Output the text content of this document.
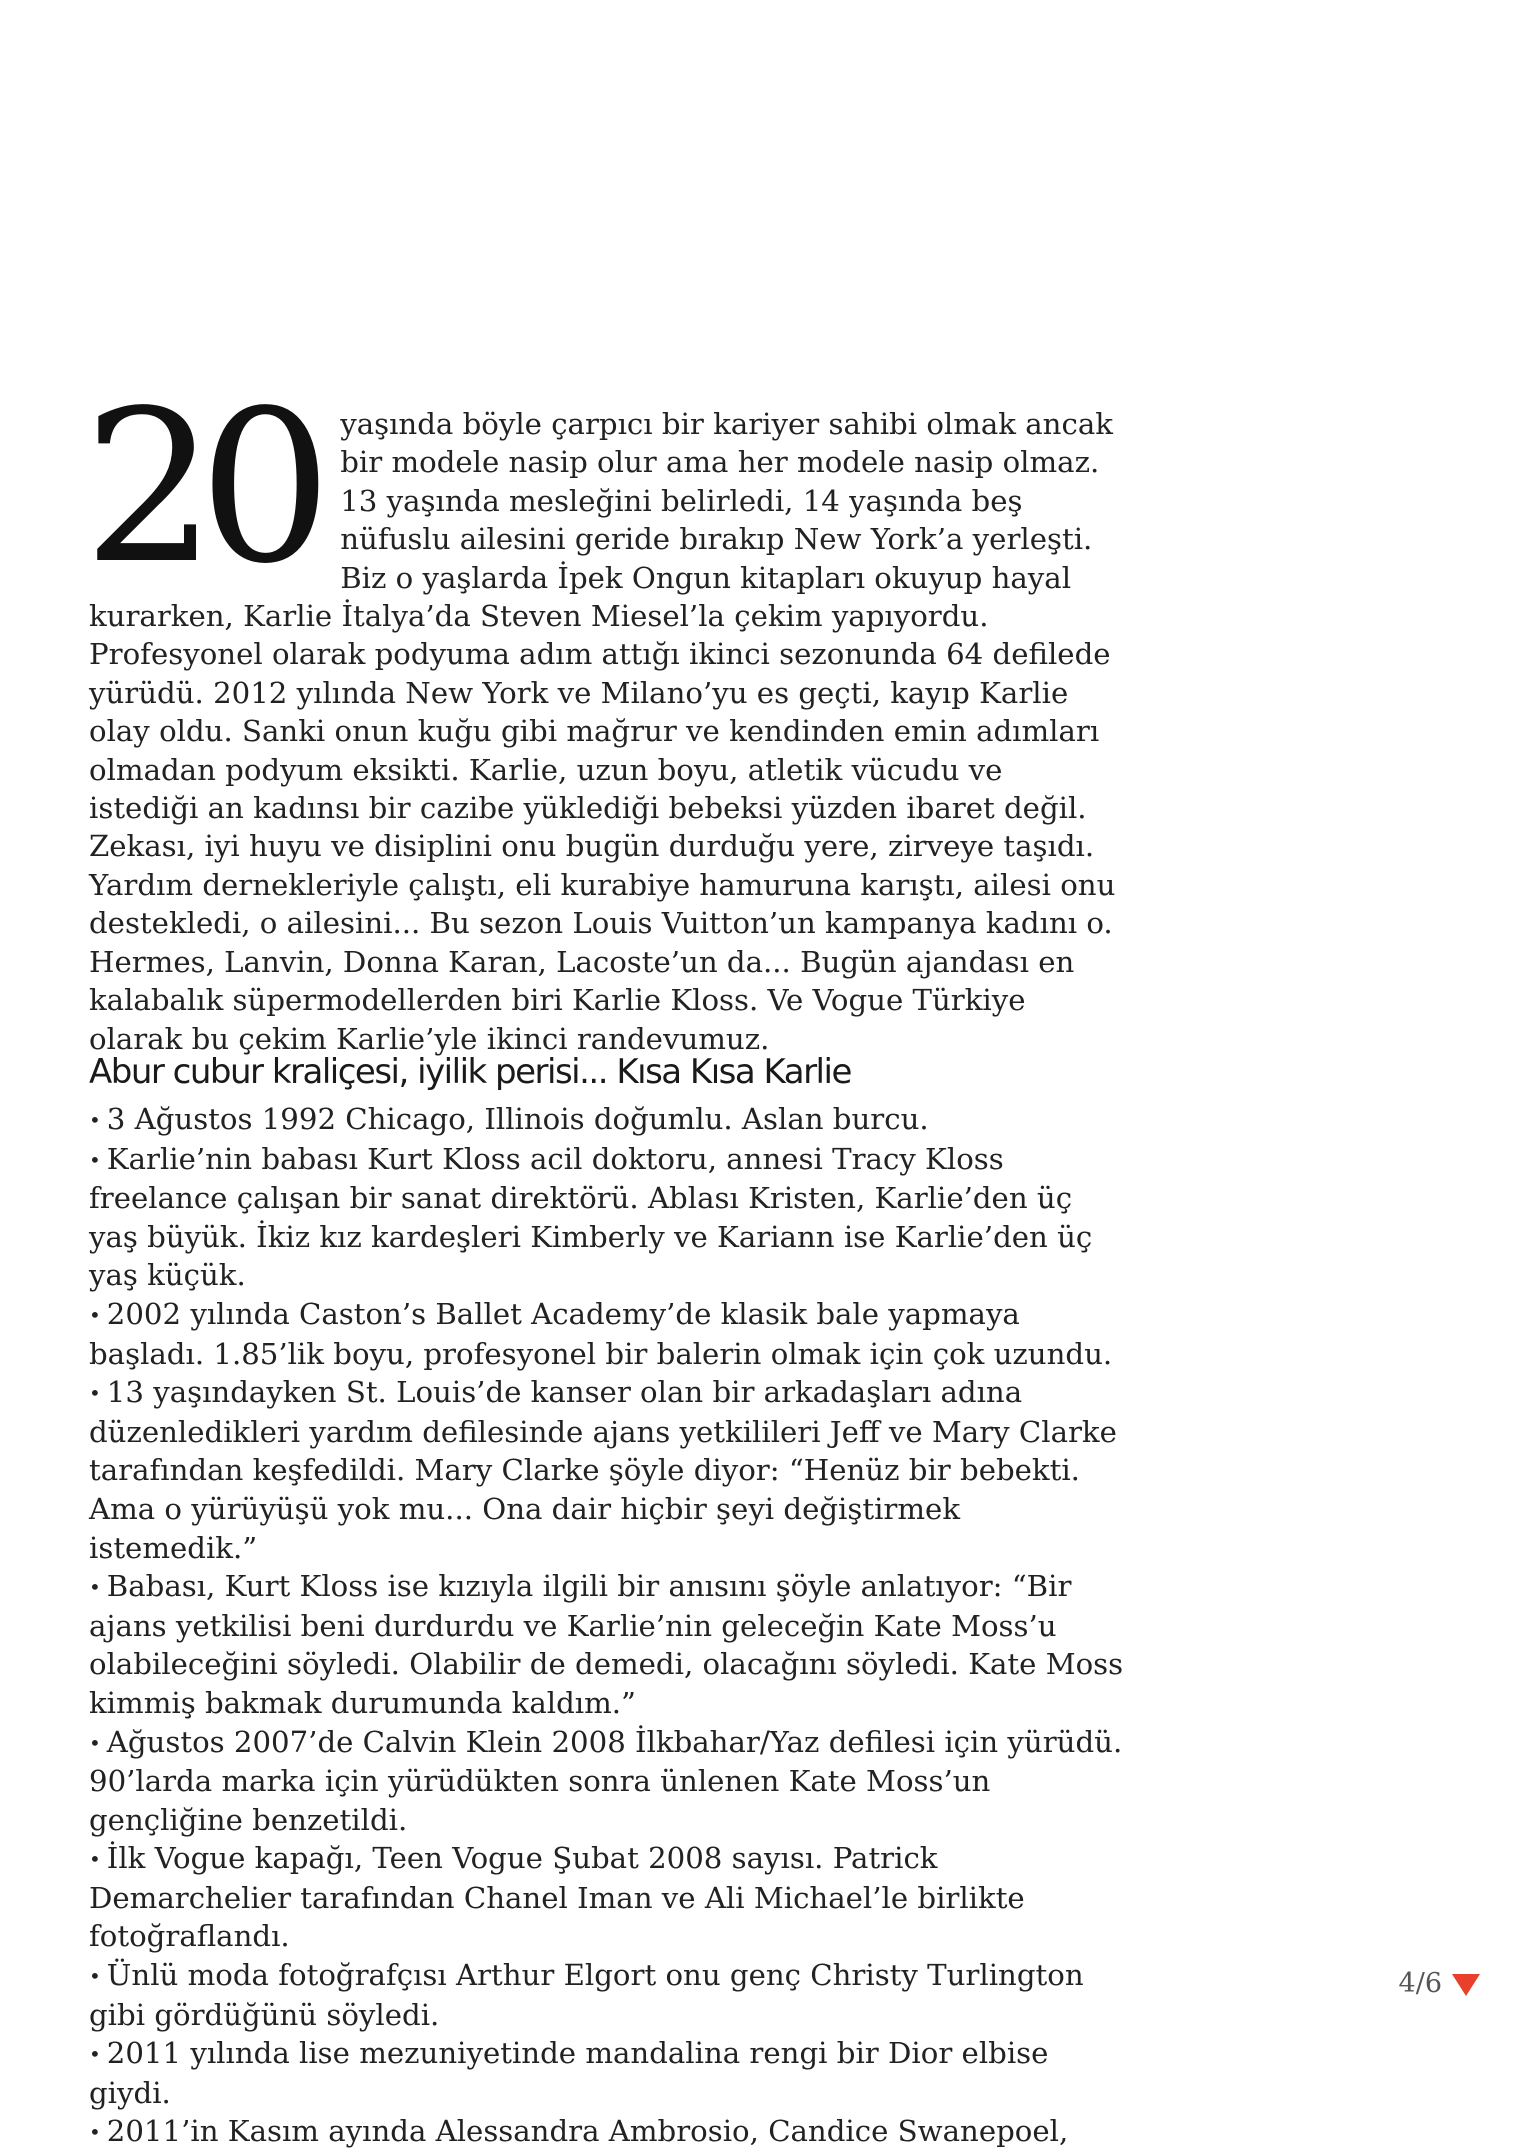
20 yaşında böyle çarpıcı bir kariyer sahibi olmak ancak bir modele nasip olur ama her modele nasip olmaz. 13 yaşında mesleğini belirledi, 14 yaşında beş nüfuslu ailesini geride bırakıp New York’a yerleşti. Biz o yaşlarda İpek Ongun kitapları okuyup hayal kurarken, Karlie İtalya’da Steven Miesel’la çekim yapıyordu. Profesyonel olarak podyuma adım attığı ikinci sezonunda 64 defilede yürüdü. 2012 yılında New York ve Milano’yu es geçti, kayıp Karlie olay oldu. Sanki onun kuğu gibi mağrur ve kendinden emin adımları olmadan podyum eksikti. Karlie, uzun boyu, atletik vücudu ve istediği an kadınsı bir cazibe yüklediği bebeksi yüzden ibaret değil. Zekası, iyi huyu ve disiplini onu bugün durduğu yere, zirveye taşıdı. Yardım dernekleriyle çalıştı, eli kurabiye hamuruna karıştı, ailesi onu destekledi, o ailesini... Bu sezon Louis Vuitton’un kampanya kadını o. Hermes, Lanvin, Donna Karan, Lacoste’un da... Bugün ajandası en kalabalık süpermodellerden biri Karlie Kloss. Ve Vogue Türkiye olarak bu çekim Karlie’yle ikinci randevumuz.

Abur cubur kraliçesi, iyilik perisi... Kısa Kısa Karlie
• 3 Ağustos 1992 Chicago, Illinois doğumlu. Aslan burcu.
• Karlie’nin babası Kurt Kloss acil doktoru, annesi Tracy Kloss freelance çalışan bir sanat direktörü. Ablası Kristen, Karlie’den üç yaş büyük. İkiz kız kardeşleri Kimberly ve Kariann ise Karlie’den üç yaş küçük.
• 2002 yılında Caston’s Ballet Academy’de klasik bale yapmaya başladı. 1.85’lik boyu, profesyonel bir balerin olmak için çok uzundu.
• 13 yaşındayken St. Louis’de kanser olan bir arkadaşları adına düzenledikleri yardım defilesinde ajans yetkilileri Jeff ve Mary Clarke tarafından keşfedildi. Mary Clarke şöyle diyor: “Henüz bir bebekti. Ama o yürüyüşü yok mu... Ona dair hiçbir şeyi değiştirmek istemedik.”
• Babası, Kurt Kloss ise kızıyla ilgili bir anısını şöyle anlatıyor: “Bir ajans yetkilisi beni durdurdu ve Karlie’nin geleceğin Kate Moss’u olabileceğini söyledi. Olabilir de demedi, olacağını söyledi. Kate Moss kimmiş bakmak durumunda kaldım.”
• Ağustos 2007’de Calvin Klein 2008 İlkbahar/Yaz defilesi için yürüdü. 90’larda marka için yürüdükten sonra ünlenen Kate Moss’un gençliğine benzetildi.
• İlk Vogue kapağı, Teen Vogue Şubat 2008 sayısı. Patrick Demarchelier tarafından Chanel Iman ve Ali Michael’le birlikte fotoğraflandı.
• Ünlü moda fotoğrafçısı Arthur Elgort onu genç Christy Turlington gibi gördüğünü söyledi.
• 2011 yılında lise mezuniyetinde mandalina rengi bir Dior elbise giydi.
• 2011’in Kasım ayında Alessandra Ambrosio, Candice Swanepoel,
4/6
